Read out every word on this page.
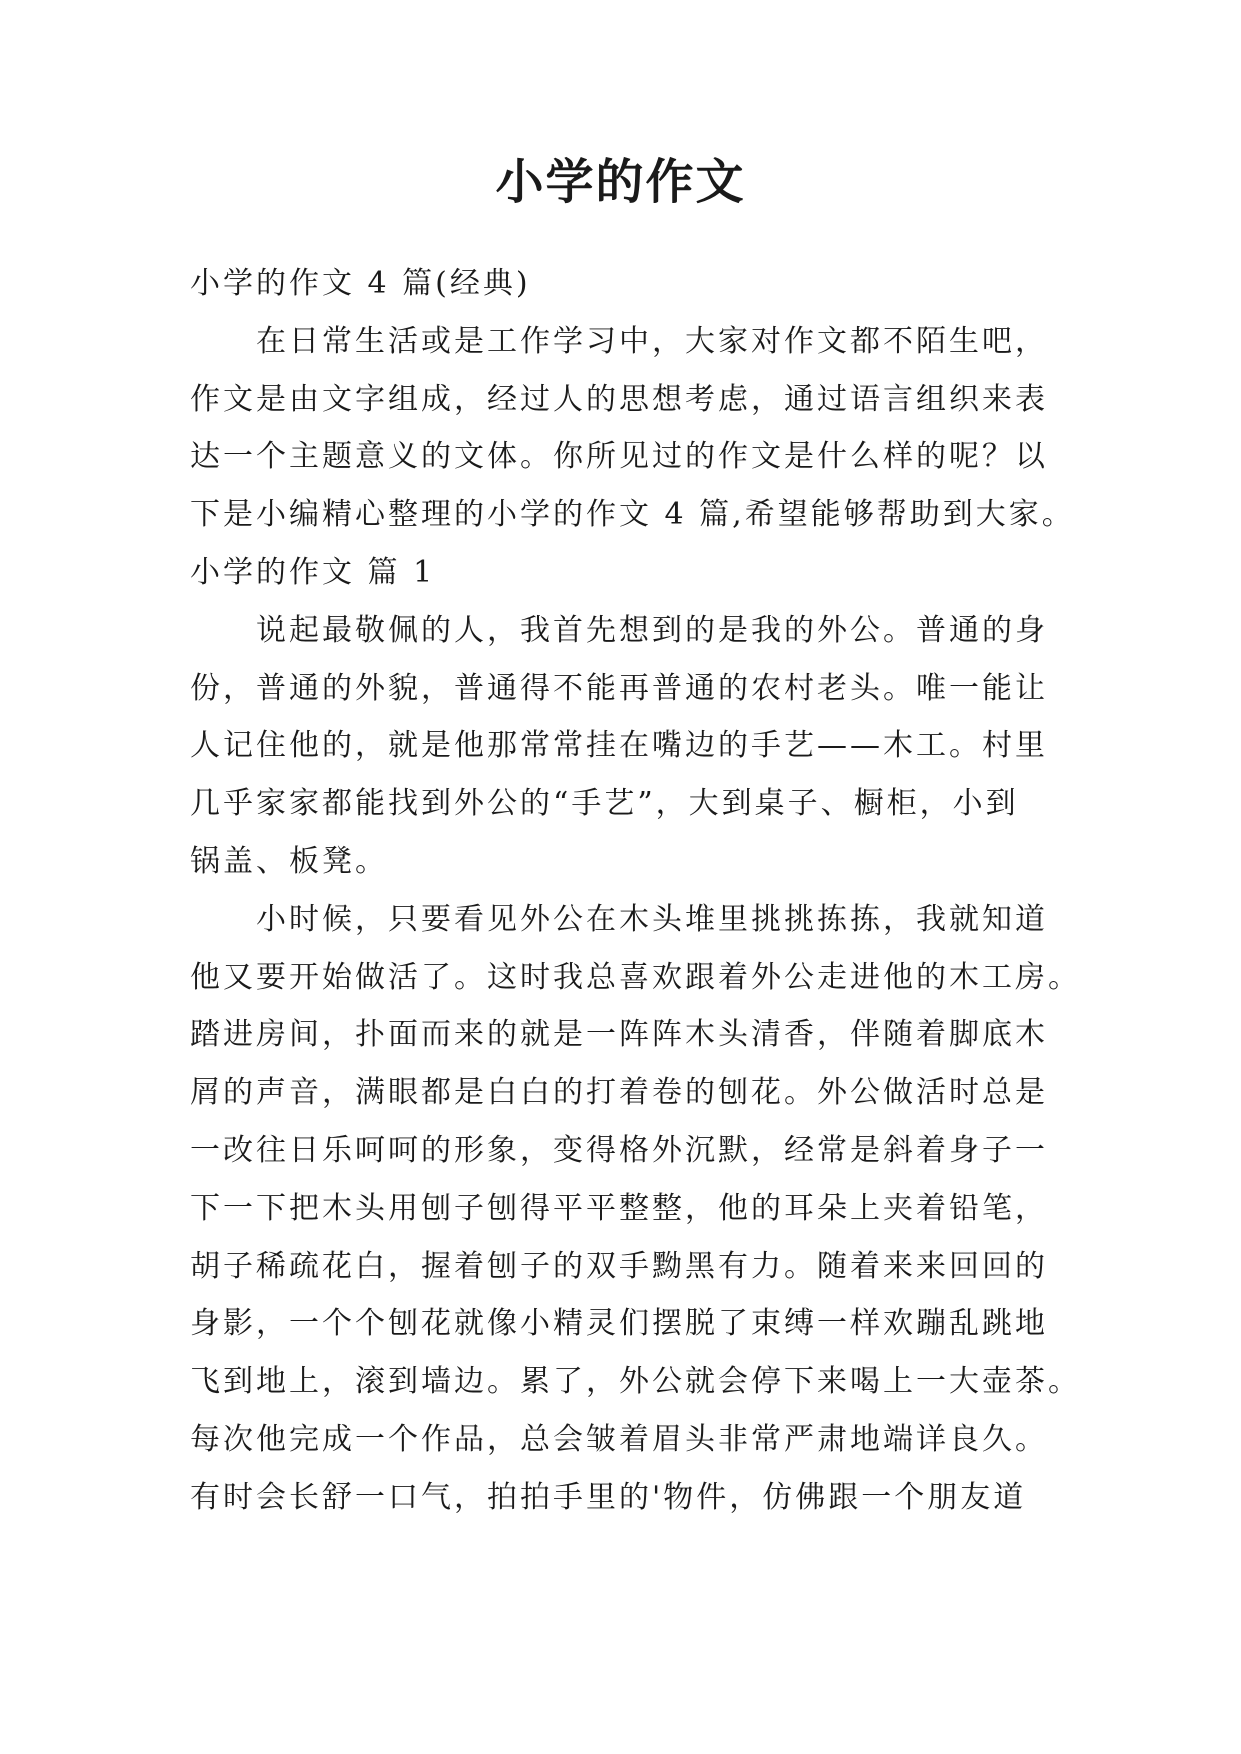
小学的作文
小学的作文 4 篇(经典)
在日常生活或是工作学习中，大家对作文都不陌生吧，
作文是由文字组成，经过人的思想考虑，通过语言组织来表
达一个主题意义的文体。你所见过的作文是什么样的呢？以
下是小编精心整理的小学的作文 4 篇,希望能够帮助到大家。
小学的作文 篇 1
说起最敬佩的人，我首先想到的是我的外公。普通的身
份，普通的外貌，普通得不能再普通的农村老头。唯一能让
人记住他的，就是他那常常挂在嘴边的手艺——木工。村里
几乎家家都能找到外公的“手艺”，大到桌子、橱柜，小到
锅盖、板凳。
小时候，只要看见外公在木头堆里挑挑拣拣，我就知道
他又要开始做活了。这时我总喜欢跟着外公走进他的木工房。
踏进房间，扑面而来的就是一阵阵木头清香，伴随着脚底木
屑的声音，满眼都是白白的打着卷的刨花。外公做活时总是
一改往日乐呵呵的形象，变得格外沉默，经常是斜着身子一
下一下把木头用刨子刨得平平整整，他的耳朵上夹着铅笔，
胡子稀疏花白，握着刨子的双手黝黑有力。随着来来回回的
身影，一个个刨花就像小精灵们摆脱了束缚一样欢蹦乱跳地
飞到地上，滚到墙边。累了，外公就会停下来喝上一大壶茶。
每次他完成一个作品，总会皱着眉头非常严肃地端详良久。
有时会长舒一口气，拍拍手里的'物件，仿佛跟一个朋友道
